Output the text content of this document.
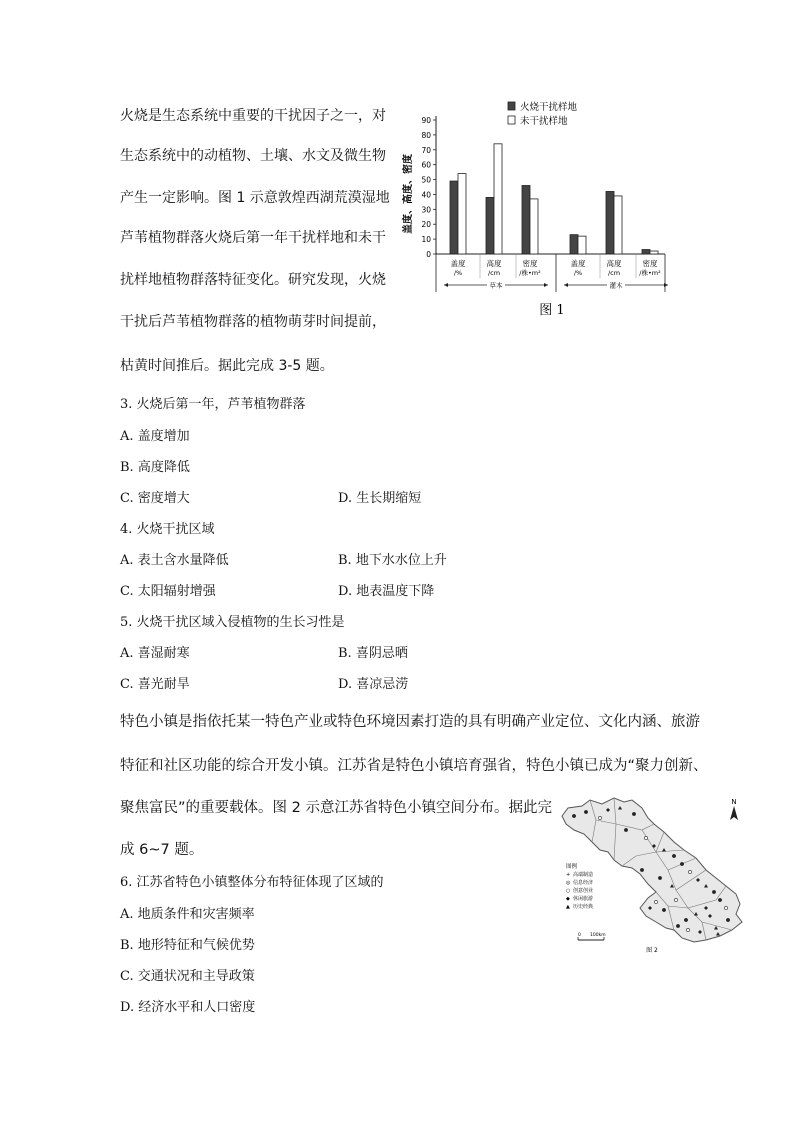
火烧是生态系统中重要的干扰因子之一，对
生态系统中的动植物、土壤、水文及微生物
产生一定影响。图 1 示意敦煌西湖荒漠湿地
芦苇植物群落火烧后第一年干扰样地和未干
扰样地植物群落特征变化。研究发现，火烧
干扰后芦苇植物群落的植物萌芽时间提前，
枯黄时间推后。据此完成 3-5 题。
火烧干扰样地
未干扰样地
盖度、高度、密度
0
10
20
30
40
50
60
70
80
90
盖度
/%
高度
/cm
密度
/株•m²
盖度
/%
高度
/cm
密度
/株•m²
草本	灌木
图 1
3. 火烧后第一年，芦苇植物群落
A. 盖度增加
B. 高度降低
C. 密度增大	D. 生长期缩短
4. 火烧干扰区域
A. 表土含水量降低	B. 地下水水位上升
C. 太阳辐射增强	D. 地表温度下降
5. 火烧干扰区域入侵植物的生长习性是
A. 喜湿耐寒	B. 喜阴忌晒
C. 喜光耐旱	D. 喜凉忌涝
特色小镇是指依托某一特色产业或特色环境因素打造的具有明确产业定位、文化内涵、旅游
特征和社区功能的综合开发小镇。江苏省是特色小镇培育强省，特色小镇已成为“聚力创新、
聚焦富民”的重要载体。图 2 示意江苏省特色小镇空间分布。据此完
成 6~7 题。
6. 江苏省特色小镇整体分布特征体现了区域的
A. 地质条件和灾害频率
B. 地形特征和气候优势
C. 交通状况和主导政策
D. 经济水平和人口密度
N
图例
+ 高端制造
◎ 信息经济
○ 创意创业
◆ 休闲旅游
▲ 历史经典
0 100km
图 2
